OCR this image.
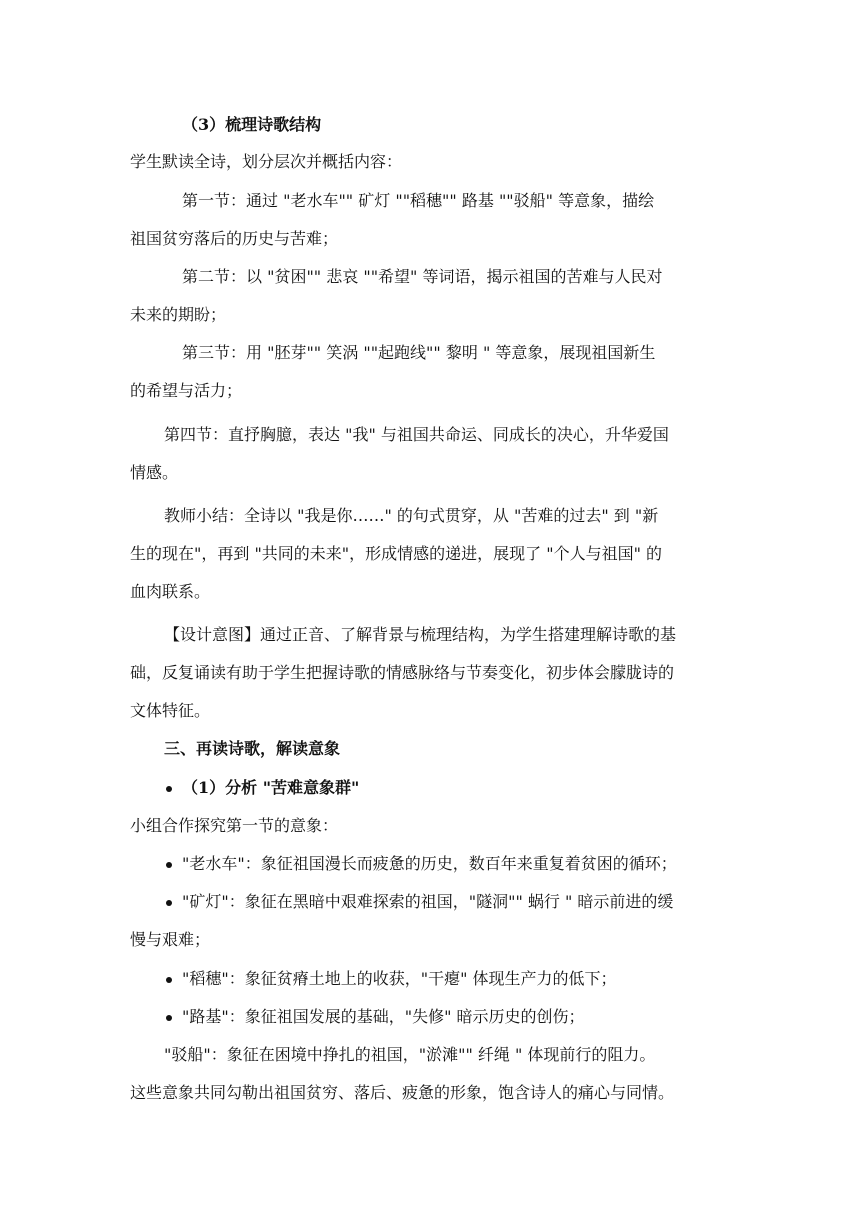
（3）梳理诗歌结构
学生默读全诗，划分层次并概括内容：
第一节：通过 "老水车"" 矿灯 ""稻穗"" 路基 ""驳船" 等意象，描绘
祖国贫穷落后的历史与苦难；
第二节：以 "贫困"" 悲哀 ""希望" 等词语，揭示祖国的苦难与人民对
未来的期盼；
第三节：用 "胚芽"" 笑涡 ""起跑线"" 黎明 " 等意象，展现祖国新生
的希望与活力；
第四节：直抒胸臆，表达 "我" 与祖国共命运、同成长的决心，升华爱国
情感。
教师小结：全诗以 "我是你……" 的句式贯穿，从 "苦难的过去" 到 "新
生的现在"，再到 "共同的未来"，形成情感的递进，展现了 "个人与祖国" 的
血肉联系。
【设计意图】通过正音、了解背景与梳理结构，为学生搭建理解诗歌的基
础，反复诵读有助于学生把握诗歌的情感脉络与节奏变化，初步体会朦胧诗的
文体特征。
三、再读诗歌，解读意象
（1）分析 "苦难意象群"
小组合作探究第一节的意象：
"老水车"：象征祖国漫长而疲惫的历史，数百年来重复着贫困的循环；
"矿灯"：象征在黑暗中艰难探索的祖国，"隧洞"" 蜗行 " 暗示前进的缓
慢与艰难；
"稻穗"：象征贫瘠土地上的收获，"干瘪" 体现生产力的低下；
"路基"：象征祖国发展的基础，"失修" 暗示历史的创伤；
"驳船"：象征在困境中挣扎的祖国，"淤滩"" 纤绳 " 体现前行的阻力。
这些意象共同勾勒出祖国贫穷、落后、疲惫的形象，饱含诗人的痛心与同情。
